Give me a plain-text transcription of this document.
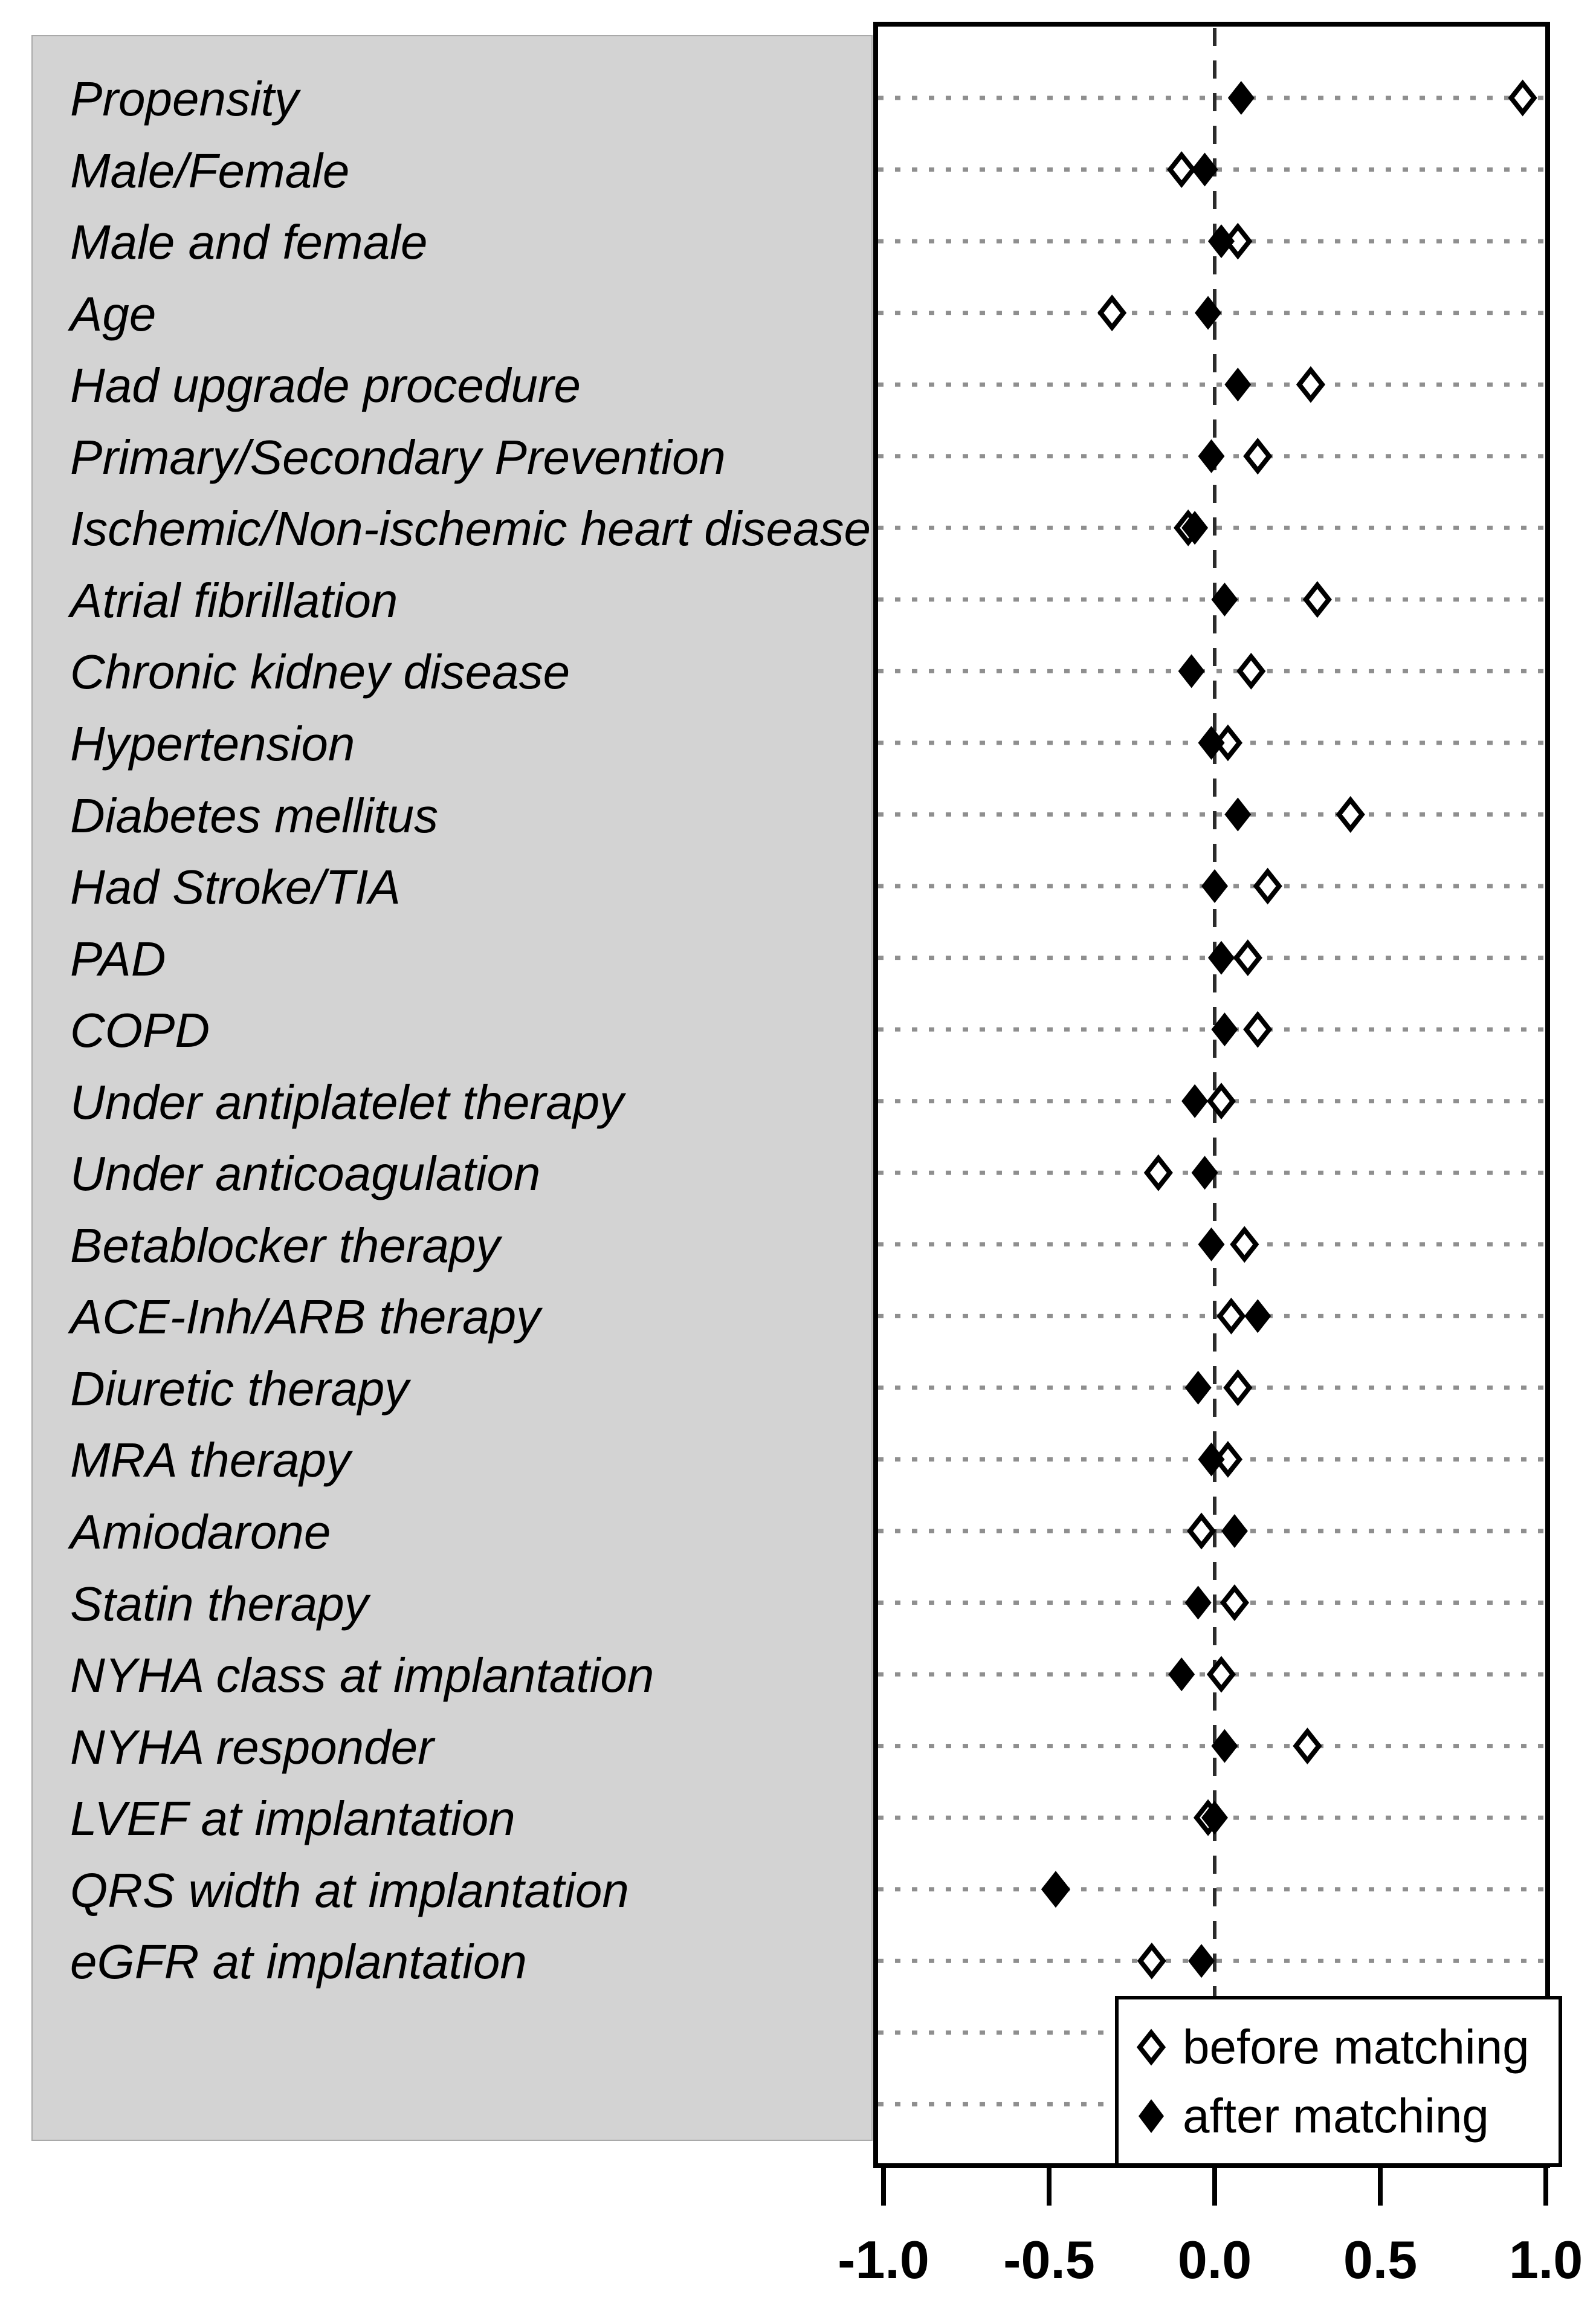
Propensity
Male/Female
Male and female
Age
Had upgrade procedure
Primary/Secondary Prevention
Ischemic/Non-ischemic heart disease
Atrial fibrillation
Chronic kidney disease
Hypertension
Diabetes mellitus
Had Stroke/TIA
PAD
COPD
Under antiplatelet therapy
Under anticoagulation
Betablocker therapy
ACE-Inh/ARB therapy
Diuretic therapy
MRA therapy
Amiodarone
Statin therapy
NYHA class at implantation
NYHA responder
LVEF at implantation
QRS width at implantation
eGFR at implantation
before matching
after matching
-1.0	-0.5	0.0	0.5	1.0
